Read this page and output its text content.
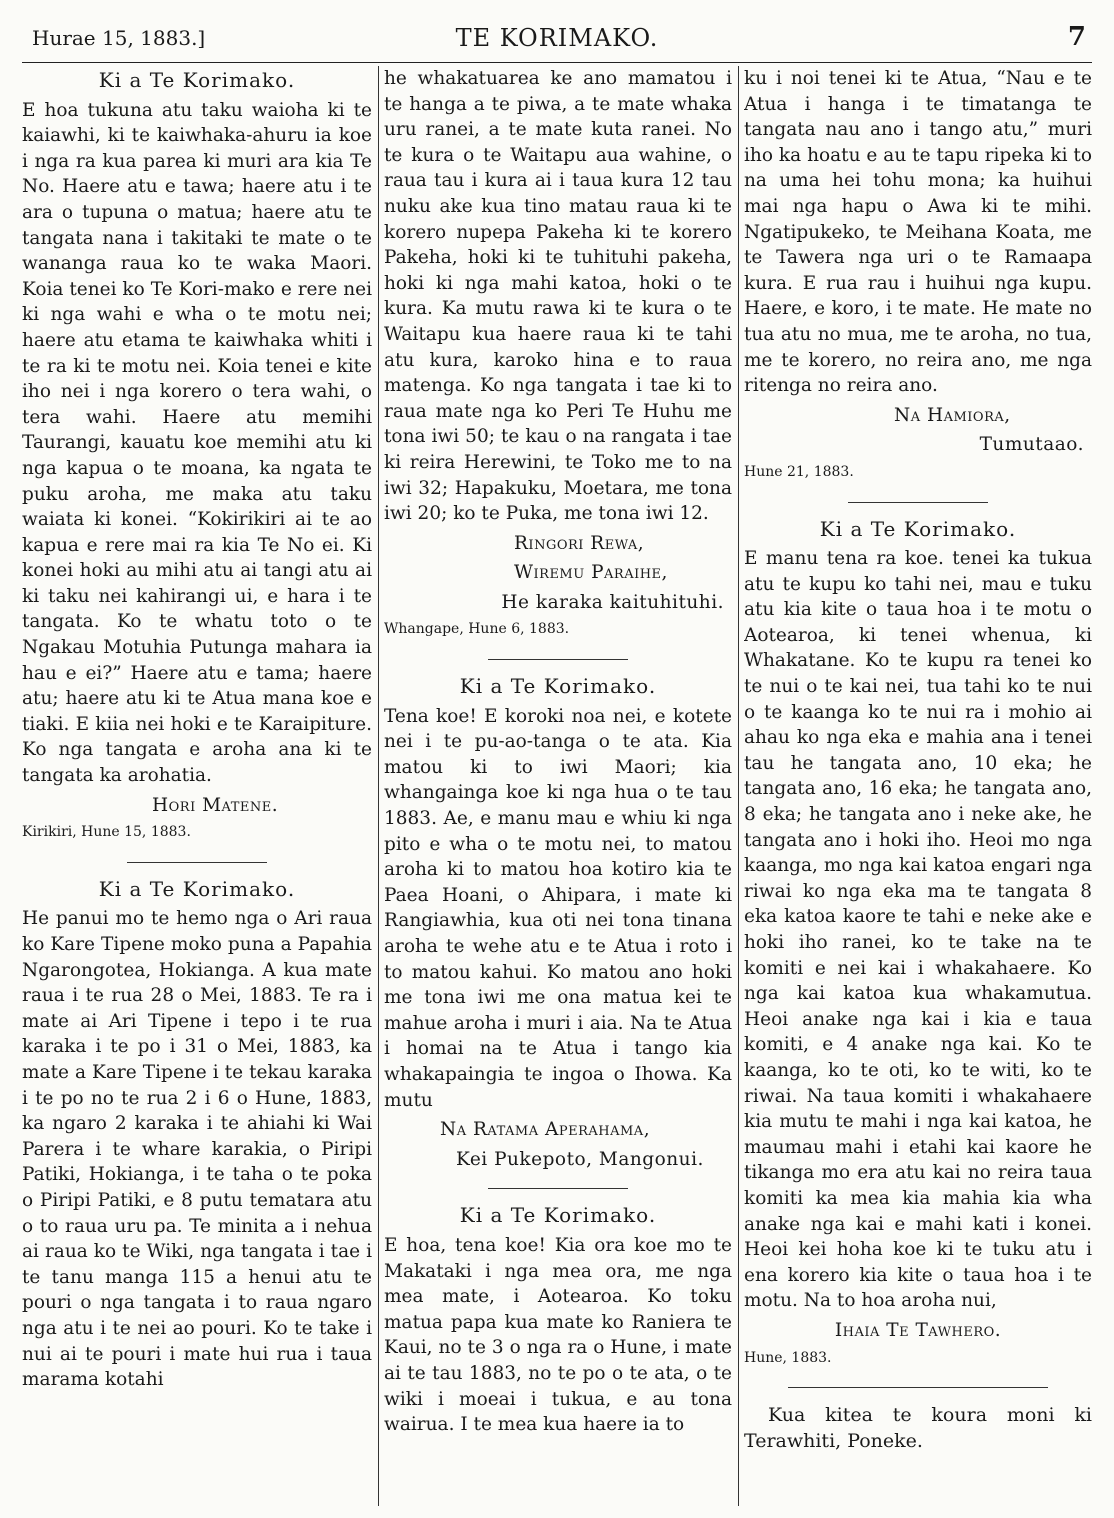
Hurae 15, 1883.]	TE KORIMAKO.	7
Ki a Te Korimako.

E hoa tukuna atu taku waioha ki te kaiawhi, ki te kaiwhaka-ahuru ia koe i nga ra kua parea ki muri ara kia Te No. Haere atu e tawa; haere atu i te ara o tupuna o matua; haere atu te tangata nana i takitaki te mate o te wananga raua ko te waka Maori. Koia tenei ko Te Kori-mako e rere nei ki nga wahi e wha o te motu nei; haere atu etama te kaiwhaka whiti i te ra ki te motu nei. Koia tenei e kite iho nei i nga korero o tera wahi, o tera wahi. Haere atu memihi Taurangi, kauatu koe memihi atu ki nga kapua o te moana, ka ngata te puku aroha, me maka atu taku waiata ki konei. “Kokirikiri ai te ao kapua e rere mai ra kia Te No ei. Ki konei hoki au mihi atu ai tangi atu ai ki taku nei kahirangi ui, e hara i te tangata. Ko te whatu toto o te Ngakau Motuhia Putunga mahara ia hau e ei?” Haere atu e tama; haere atu; haere atu ki te Atua mana koe e tiaki. E kiia nei hoki e te Karaipiture. Ko nga tangata e aroha ana ki te tangata ka arohatia.

Hori Matene.
Kirikiri, Hune 15, 1883.
Ki a Te Korimako.

He panui mo te hemo nga o Ari raua ko Kare Tipene moko puna a Papahia Ngarongotea, Hokianga. A kua mate raua i te rua 28 o Mei, 1883. Te ra i mate ai Ari Tipene i tepo i te rua karaka i te po i 31 o Mei, 1883, ka mate a Kare Tipene i te tekau karaka i te po no te rua 2 i 6 o Hune, 1883, ka ngaro 2 karaka i te ahiahi ki Wai Parera i te whare karakia, o Piripi Patiki, Hokianga, i te taha o te poka o Piripi Patiki, e 8 putu tematara atu o to raua uru pa. Te minita a i nehua ai raua ko te Wiki, nga tangata i tae i te tanu manga 115 a henui atu te pouri o nga tangata i to raua ngaro nga atu i te nei ao pouri. Ko te take i nui ai te pouri i mate hui rua i taua marama kotahi

he whakatuarea ke ano mamatou i te hanga a te piwa, a te mate whaka uru ranei, a te mate kuta ranei. No te kura o te Waitapu aua wahine, o raua tau i kura ai i taua kura 12 tau nuku ake kua tino matau raua ki te korero nupepa Pakeha ki te korero Pakeha, hoki ki te tuhituhi pakeha, hoki ki nga mahi katoa, hoki o te kura. Ka mutu rawa ki te kura o te Waitapu kua haere raua ki te tahi atu kura, karoko hina e to raua matenga. Ko nga tangata i tae ki to raua mate nga ko Peri Te Huhu me tona iwi 50; te kau o na rangata i tae ki reira Herewini, te Toko me to na iwi 32; Hapakuku, Moetara, me tona iwi 20; ko te Puka, me tona iwi 12.

Ringori Rewa,
Wiremu Paraihe,
He karaka kaituhituhi.
Whangape, Hune 6, 1883.
Ki a Te Korimako.

Tena koe! E koroki noa nei, e kotete nei i te pu-ao-tanga o te ata. Kia matou ki to iwi Maori; kia whangainga koe ki nga hua o te tau 1883. Ae, e manu mau e whiu ki nga pito e wha o te motu nei, to matou aroha ki to matou hoa kotiro kia te Paea Hoani, o Ahipara, i mate ki Rangiawhia, kua oti nei tona tinana aroha te wehe atu e te Atua i roto i to matou kahui. Ko matou ano hoki me tona iwi me ona matua kei te mahue aroha i muri i aia. Na te Atua i homai na te Atua i tango kia whakapaingia te ingoa o Ihowa. Ka mutu

Na Ratama Aperahama,
Kei Pukepoto, Mangonui.
Ki a Te Korimako.

E hoa, tena koe! Kia ora koe mo te Makataki i nga mea ora, me nga mea mate, i Aotearoa. Ko toku matua papa kua mate ko Raniera te Kaui, no te 3 o nga ra o Hune, i mate ai te tau 1883, no te po o te ata, o te wiki i moeai i tukua, e au tona wairua. I te mea kua haere ia to

ku i noi tenei ki te Atua, “Nau e te Atua i hanga i te timatanga te tangata nau ano i tango atu,” muri iho ka hoatu e au te tapu ripeka ki to na uma hei tohu mona; ka huihui mai nga hapu o Awa ki te mihi. Ngatipukeko, te Meihana Koata, me te Tawera nga uri o te Ramaapa kura. E rua rau i huihui nga kupu. Haere, e koro, i te mate. He mate no tua atu no mua, me te aroha, no tua, me te korero, no reira ano, me nga ritenga no reira ano.

Na Hamiora,
Tumutaao.
Hune 21, 1883.
Ki a Te Korimako.

E manu tena ra koe. tenei ka tukua atu te kupu ko tahi nei, mau e tuku atu kia kite o taua hoa i te motu o Aotearoa, ki tenei whenua, ki Whakatane. Ko te kupu ra tenei ko te nui o te kai nei, tua tahi ko te nui o te kaanga ko te nui ra i mohio ai ahau ko nga eka e mahia ana i tenei tau he tangata ano, 10 eka; he tangata ano, 16 eka; he tangata ano, 8 eka; he tangata ano i neke ake, he tangata ano i hoki iho. Heoi mo nga kaanga, mo nga kai katoa engari nga riwai ko nga eka ma te tangata 8 eka katoa kaore te tahi e neke ake e hoki iho ranei, ko te take na te komiti e nei kai i whakahaere. Ko nga kai katoa kua whakamutua. Heoi anake nga kai i kia e taua komiti, e 4 anake nga kai. Ko te kaanga, ko te oti, ko te witi, ko te riwai. Na taua komiti i whakahaere kia mutu te mahi i nga kai katoa, he maumau mahi i etahi kai kaore he tikanga mo era atu kai no reira taua komiti ka mea kia mahia kia wha anake nga kai e mahi kati i konei. Heoi kei hoha koe ki te tuku atu i ena korero kia kite o taua hoa i te motu. Na to hoa aroha nui,

Ihaia Te Tawhero.
Hune, 1883.

Kua kitea te koura moni ki Terawhiti, Poneke.
